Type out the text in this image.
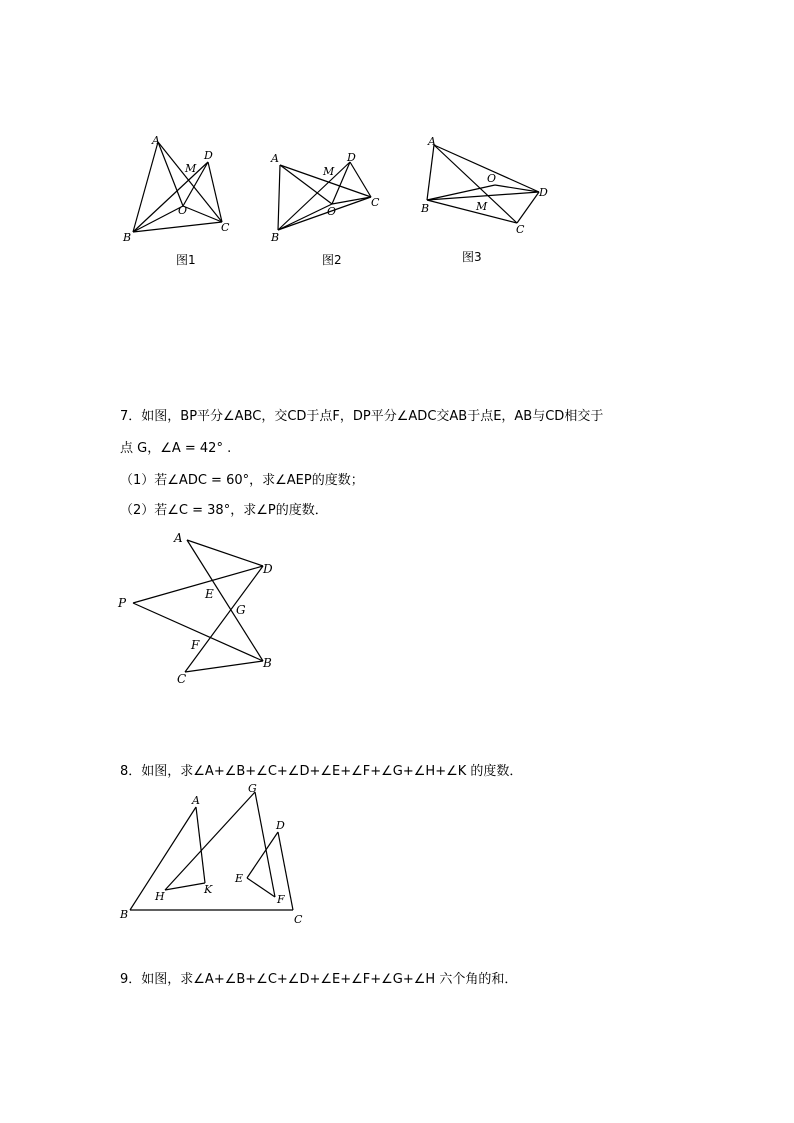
A
B
C
D
M
O
图1
A
B
C
D
M
O
图2
A
B
C
D
M
O
图3
7．如图，BP平分∠ABC，交CD于点F，DP平分∠ADC交AB于点E，AB与CD相交于
点 G，∠A = 42° .
（1）若∠ADC = 60°，求∠AEP的度数；
（2）若∠C = 38°，求∠P的度数．
A
D
P
E
G
F
B
C
8．如图，求∠A+∠B+∠C+∠D+∠E+∠F+∠G+∠H+∠K 的度数．
A
G
D
E
H
K
F
B	C
9．如图，求∠A+∠B+∠C+∠D+∠E+∠F+∠G+∠H 六个角的和．
